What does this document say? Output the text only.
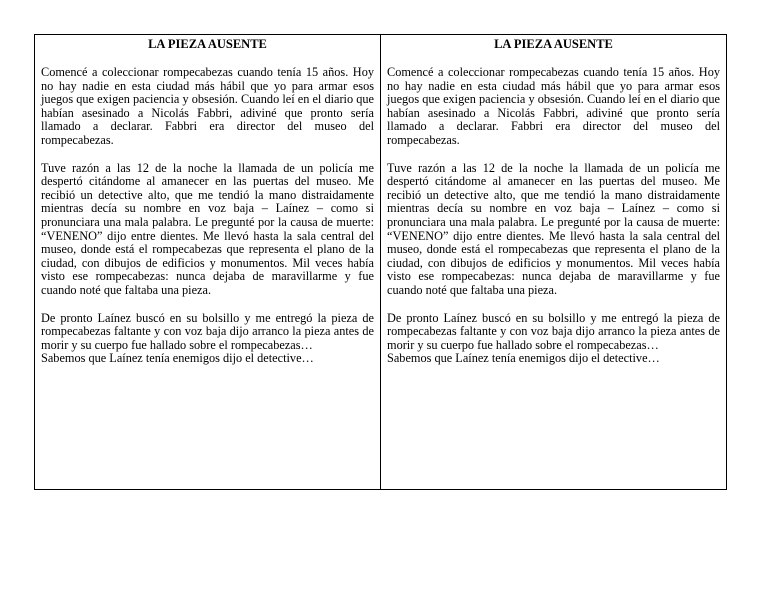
LA PIEZA AUSENTE

Comencé a coleccionar rompecabezas cuando tenía 15 años. Hoy no hay nadie en esta ciudad más hábil que yo para armar esos juegos que exigen paciencia y obsesión. Cuando leí en el diario que habían asesinado a Nicolás Fabbri, adiviné que pronto sería llamado a declarar. Fabbri era director del museo del rompecabezas.

Tuve razón a las 12 de la noche la llamada de un policía me despertó citándome al amanecer en las puertas del museo. Me recibió un detective alto, que me tendió la mano distraidamente mientras decía su nombre en voz baja – Laínez – como si pronunciara una mala palabra. Le pregunté por la causa de muerte: “VENENO” dijo entre dientes. Me llevó hasta la sala central del museo, donde está el rompecabezas que representa el plano de la ciudad, con dibujos de edificios y monumentos. Mil veces había visto ese rompecabezas: nunca dejaba de maravillarme y fue cuando noté que faltaba una pieza.

De pronto Laínez buscó en su bolsillo y me entregó la pieza de rompecabezas faltante y con voz baja dijo arranco la pieza antes de morir y su cuerpo fue hallado sobre el rompecabezas…

Sabemos que Laínez tenía enemigos dijo el detective…

LA PIEZA AUSENTE

Comencé a coleccionar rompecabezas cuando tenía 15 años. Hoy no hay nadie en esta ciudad más hábil que yo para armar esos juegos que exigen paciencia y obsesión. Cuando leí en el diario que habían asesinado a Nicolás Fabbri, adiviné que pronto sería llamado a declarar. Fabbri era director del museo del rompecabezas.

Tuve razón a las 12 de la noche la llamada de un policía me despertó citándome al amanecer en las puertas del museo. Me recibió un detective alto, que me tendió la mano distraidamente mientras decía su nombre en voz baja – Laínez – como si pronunciara una mala palabra. Le pregunté por la causa de muerte: “VENENO” dijo entre dientes. Me llevó hasta la sala central del museo, donde está el rompecabezas que representa el plano de la ciudad, con dibujos de edificios y monumentos. Mil veces había visto ese rompecabezas: nunca dejaba de maravillarme y fue cuando noté que faltaba una pieza.

De pronto Laínez buscó en su bolsillo y me entregó la pieza de rompecabezas faltante y con voz baja dijo arranco la pieza antes de morir y su cuerpo fue hallado sobre el rompecabezas…

Sabemos que Laínez tenía enemigos dijo el detective…
